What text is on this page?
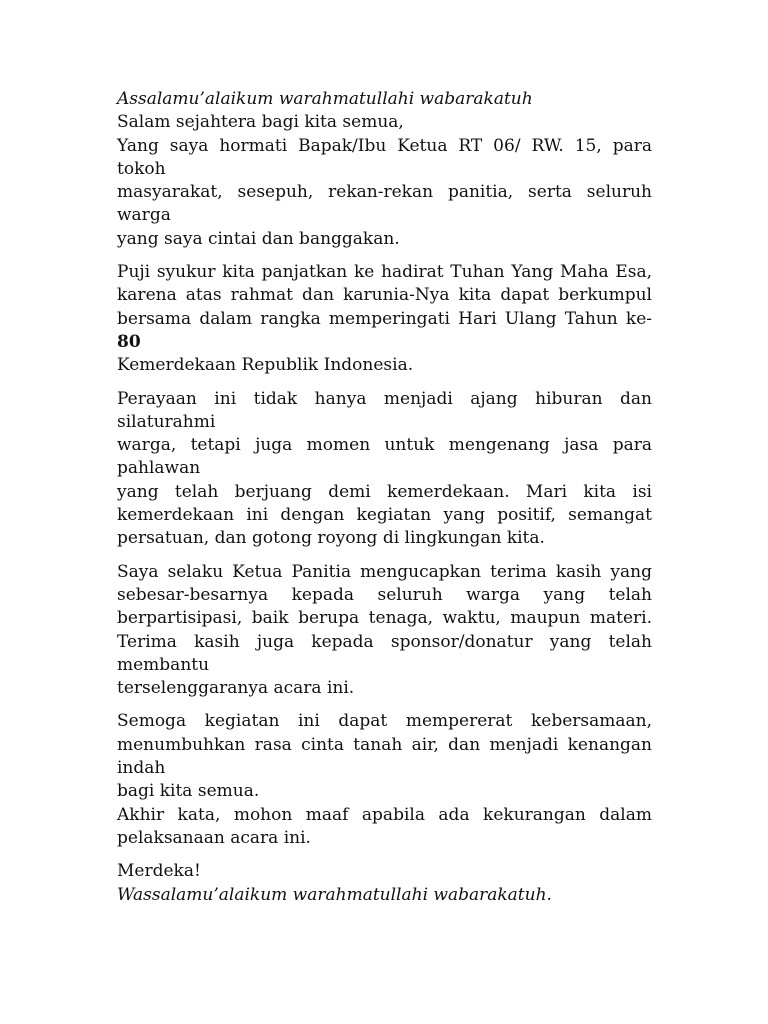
Assalamu’alaikum warahmatullahi wabarakatuh
Salam sejahtera bagi kita semua,
Yang saya hormati Bapak/Ibu Ketua RT 06/ RW. 15, para tokoh
masyarakat, sesepuh, rekan-rekan panitia, serta seluruh warga
yang saya cintai dan banggakan.
Puji syukur kita panjatkan ke hadirat Tuhan Yang Maha Esa,
karena atas rahmat dan karunia-Nya kita dapat berkumpul
bersama dalam rangka memperingati Hari Ulang Tahun ke-80
Kemerdekaan Republik Indonesia.
Perayaan ini tidak hanya menjadi ajang hiburan dan silaturahmi
warga, tetapi juga momen untuk mengenang jasa para pahlawan
yang telah berjuang demi kemerdekaan. Mari kita isi
kemerdekaan ini dengan kegiatan yang positif, semangat
persatuan, dan gotong royong di lingkungan kita.
Saya selaku Ketua Panitia mengucapkan terima kasih yang
sebesar-besarnya kepada seluruh warga yang telah
berpartisipasi, baik berupa tenaga, waktu, maupun materi.
Terima kasih juga kepada sponsor/donatur yang telah membantu
terselenggaranya acara ini.
Semoga kegiatan ini dapat mempererat kebersamaan,
menumbuhkan rasa cinta tanah air, dan menjadi kenangan indah
bagi kita semua.
Akhir kata, mohon maaf apabila ada kekurangan dalam
pelaksanaan acara ini.
Merdeka!
Wassalamu’alaikum warahmatullahi wabarakatuh.
